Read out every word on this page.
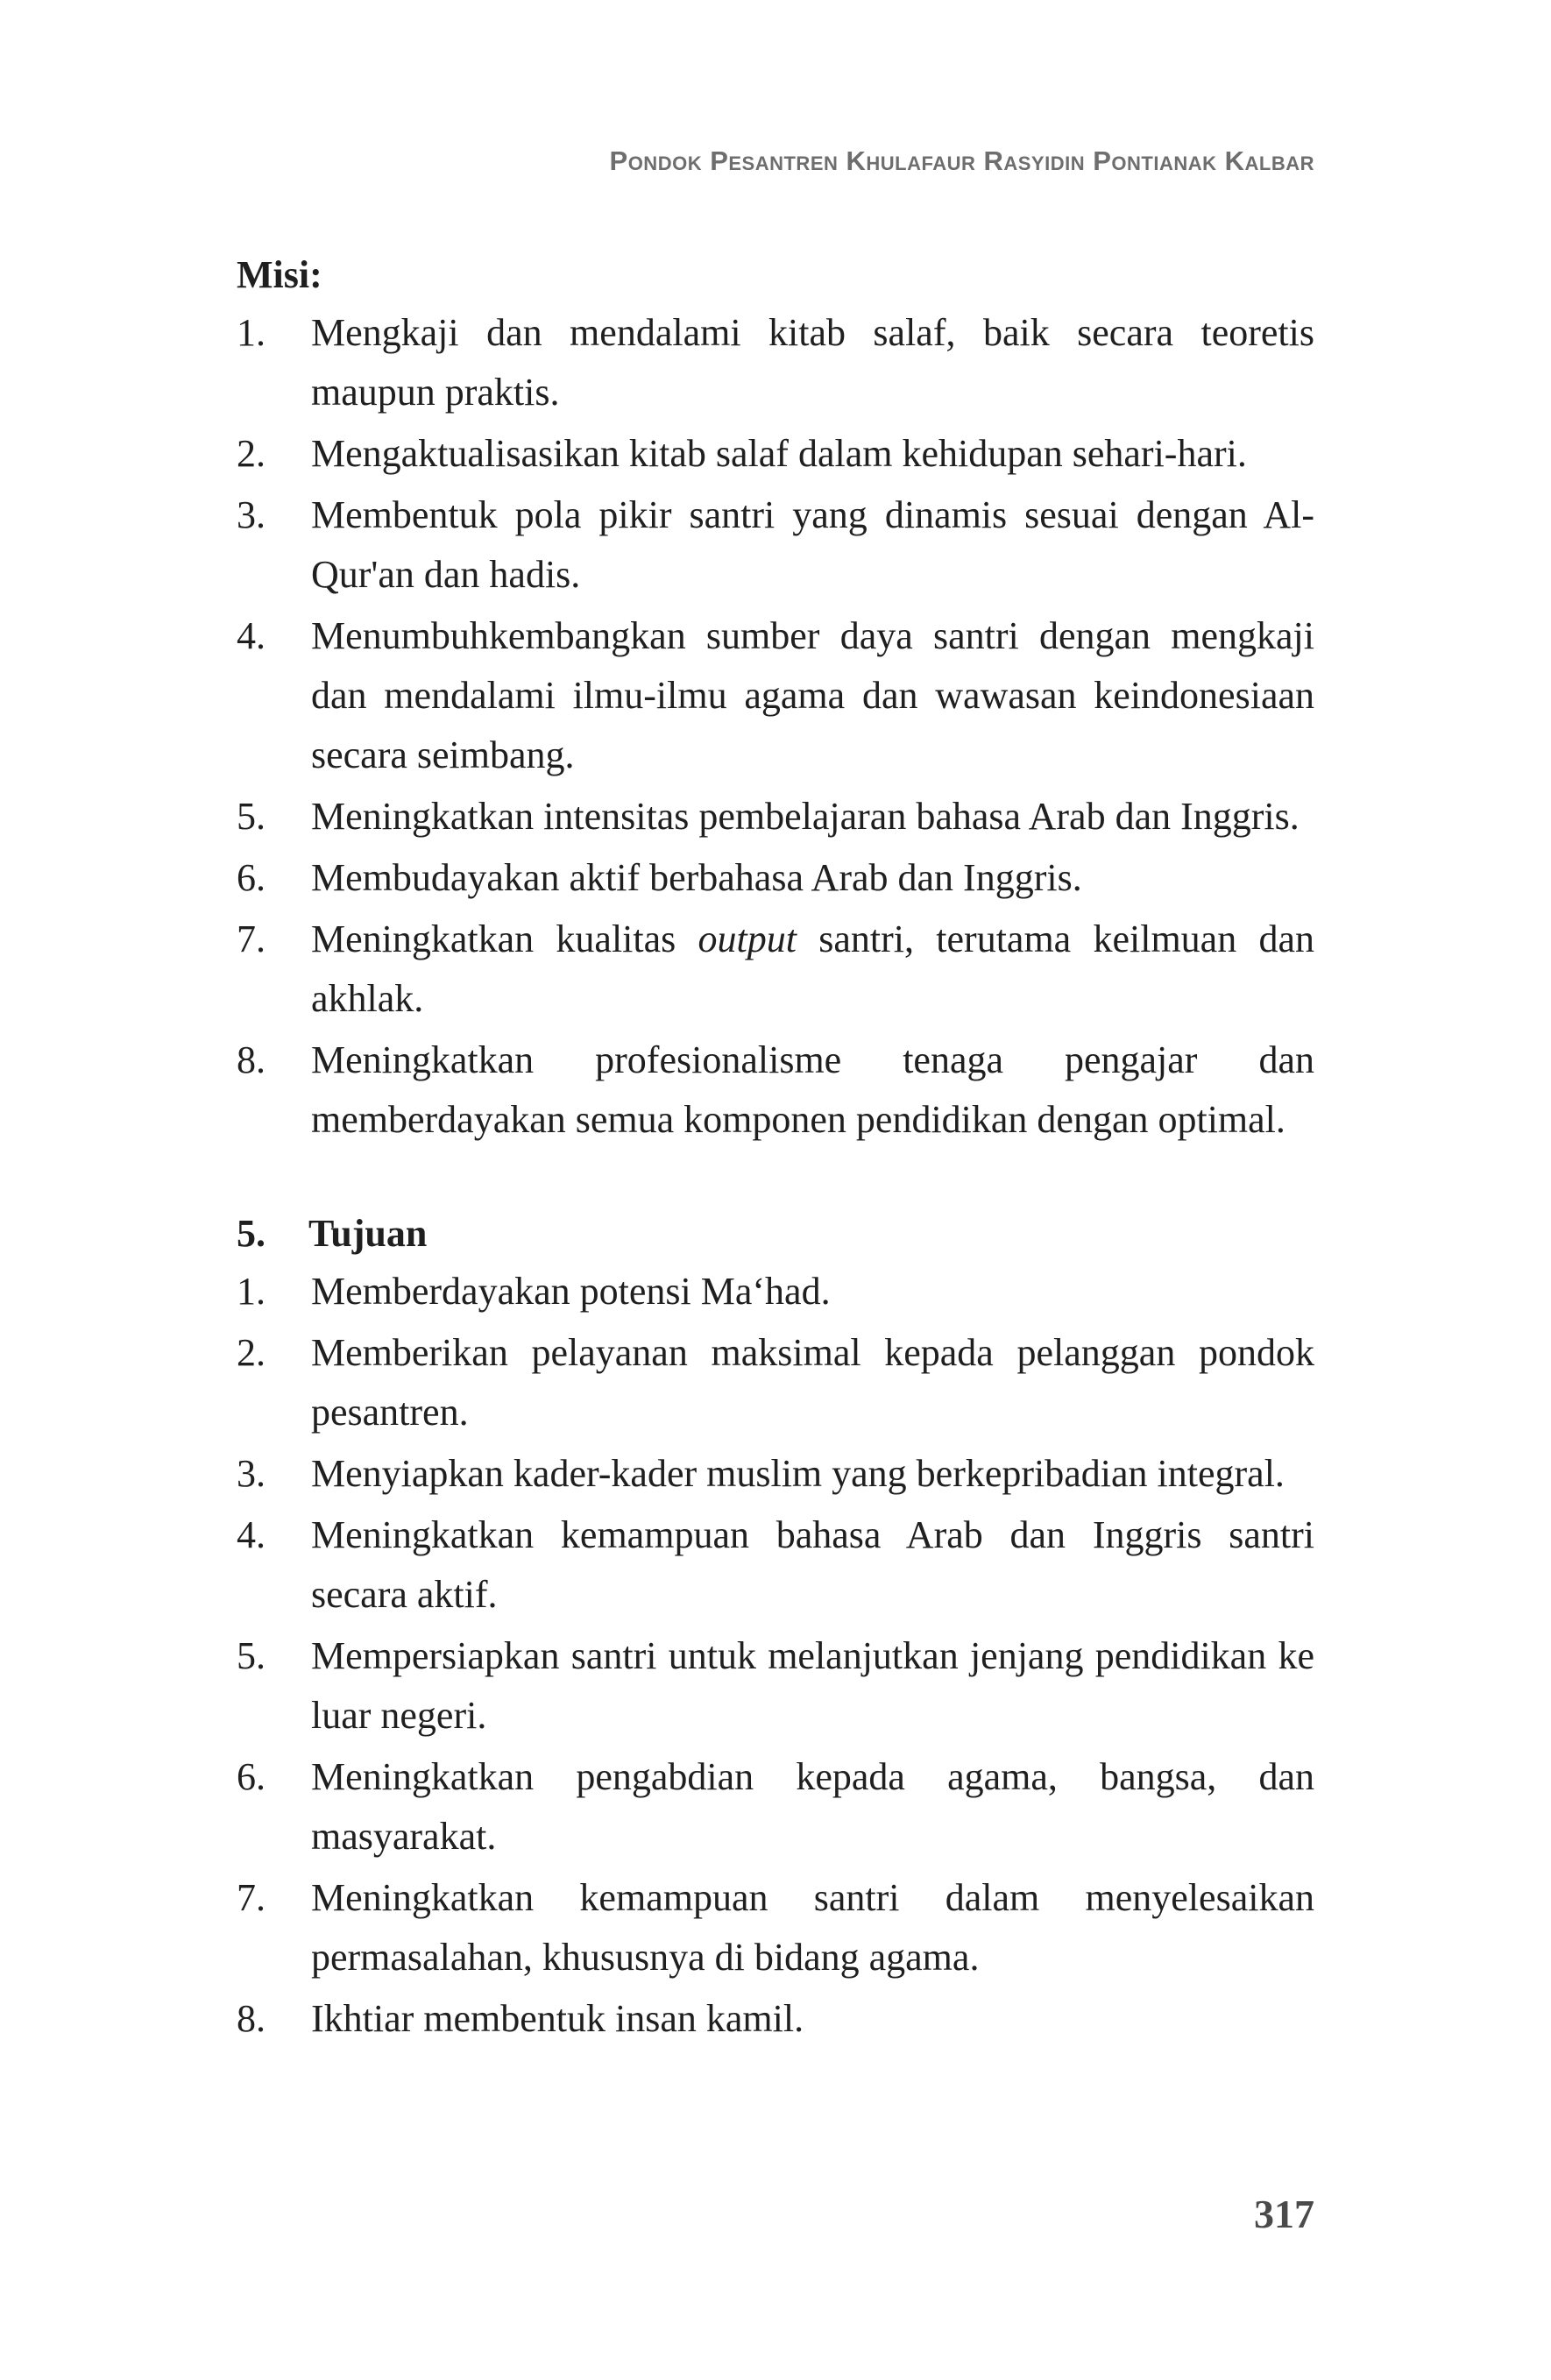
Pondok Pesantren Khulafaur Rasyidin Pontianak Kalbar

Misi:

1. Mengkaji dan mendalami kitab salaf, baik secara teoretis maupun praktis.
2. Mengaktualisasikan kitab salaf dalam kehidupan sehari-hari.
3. Membentuk pola pikir santri yang dinamis sesuai dengan Al-Qur'an dan hadis.
4. Menumbuhkembangkan sumber daya santri dengan mengkaji dan mendalami ilmu-ilmu agama dan wawasan keindonesiaan secara seimbang.
5. Meningkatkan intensitas pembelajaran bahasa Arab dan Inggris.
6. Membudayakan aktif berbahasa Arab dan Inggris.
7. Meningkatkan kualitas output santri, terutama keilmuan dan akhlak.
8. Meningkatkan profesionalisme tenaga pengajar dan memberdayakan semua komponen pendidikan dengan optimal.

5. Tujuan

1. Memberdayakan potensi Ma‘had.
2. Memberikan pelayanan maksimal kepada pelanggan pondok pesantren.
3. Menyiapkan kader-kader muslim yang berkepribadian integral.
4. Meningkatkan kemampuan bahasa Arab dan Inggris santri secara aktif.
5. Mempersiapkan santri untuk melanjutkan jenjang pendidikan ke luar negeri.
6. Meningkatkan pengabdian kepada agama, bangsa, dan masyarakat.
7. Meningkatkan kemampuan santri dalam menyelesaikan permasalahan, khususnya di bidang agama.
8. Ikhtiar membentuk insan kamil.
317
